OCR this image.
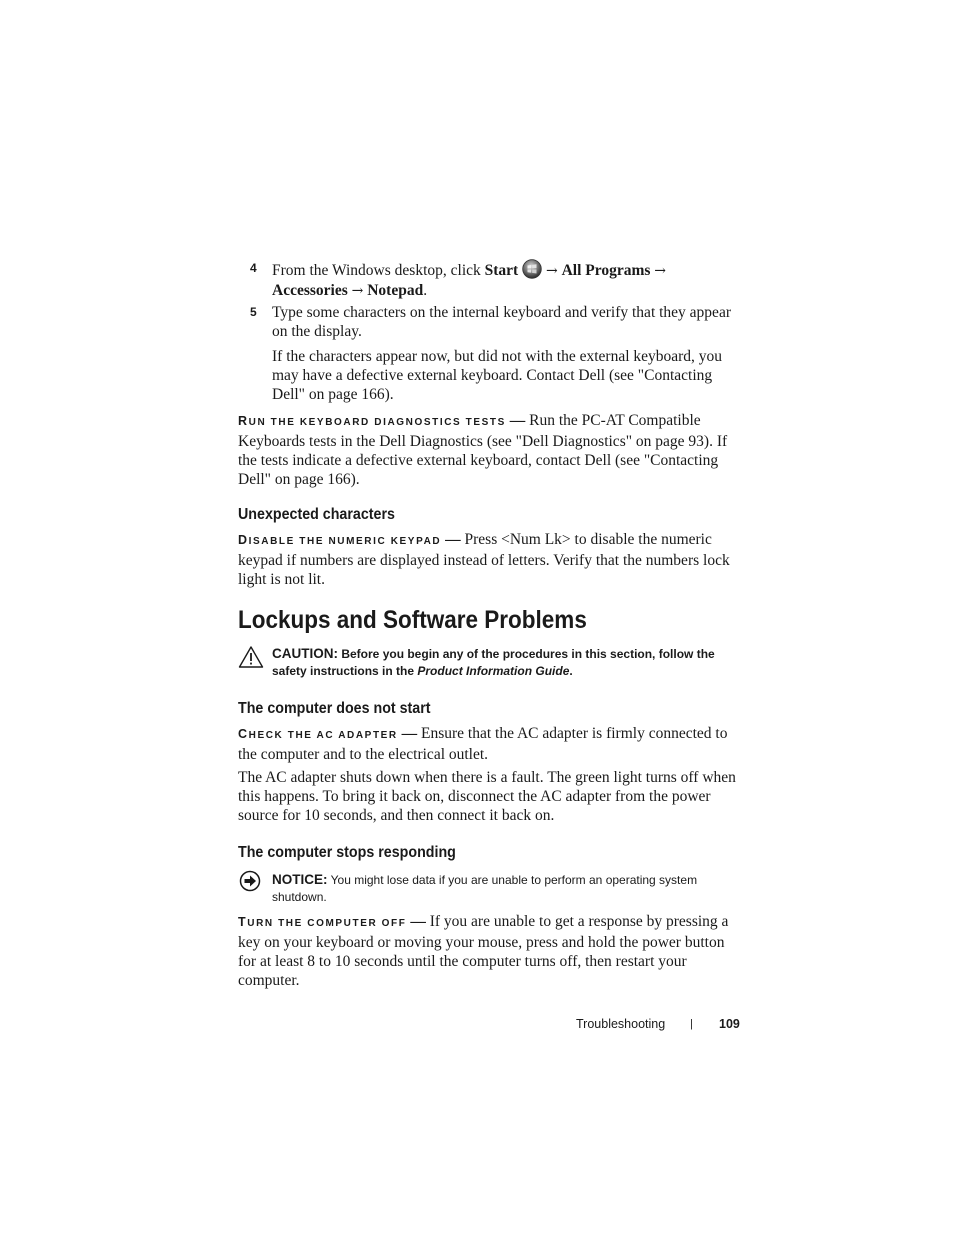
4 From the Windows desktop, click Start → All Programs →
Accessories → Notepad.
5 Type some characters on the internal keyboard and verify that they appear on the display.

If the characters appear now, but did not with the external keyboard, you may have a defective external keyboard. Contact Dell (see "Contacting Dell" on page 166).

RUN THE KEYBOARD DIAGNOSTICS TESTS — Run the PC-AT Compatible Keyboards tests in the Dell Diagnostics (see "Dell Diagnostics" on page 93). If the tests indicate a defective external keyboard, contact Dell (see "Contacting Dell" on page 166).

Unexpected characters

DISABLE THE NUMERIC KEYPAD — Press <Num Lk> to disable the numeric keypad if numbers are displayed instead of letters. Verify that the numbers lock light is not lit.

Lockups and Software Problems
CAUTION: Before you begin any of the procedures in this section, follow the safety instructions in the Product Information Guide.
The computer does not start

CHECK THE AC ADAPTER — Ensure that the AC adapter is firmly connected to the computer and to the electrical outlet.

The AC adapter shuts down when there is a fault. The green light turns off when this happens. To bring it back on, disconnect the AC adapter from the power source for 10 seconds, and then connect it back on.

The computer stops responding
NOTICE: You might lose data if you are unable to perform an operating system shutdown.

TURN THE COMPUTER OFF — If you are unable to get a response by pressing a key on your keyboard or moving your mouse, press and hold the power button for at least 8 to 10 seconds until the computer turns off, then restart your computer.

Troubleshooting | 109
